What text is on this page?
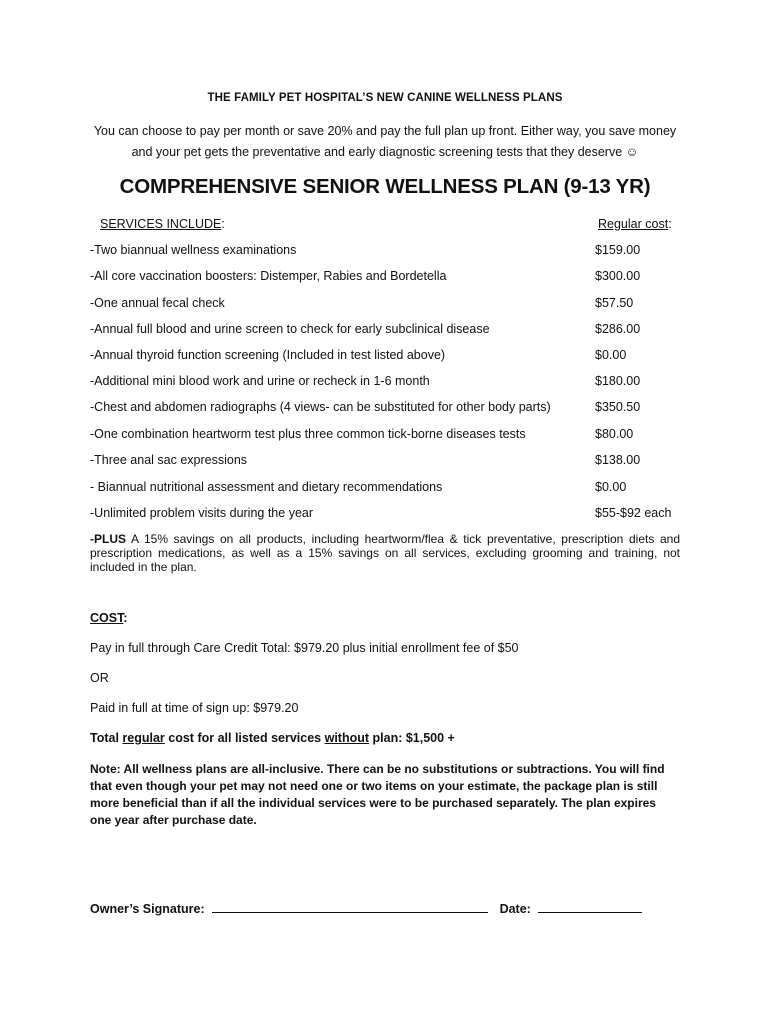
THE FAMILY PET HOSPITAL’S NEW CANINE WELLNESS PLANS
You can choose to pay per month or save 20% and pay the full plan up front. Either way, you save money
and your pet gets the preventative and early diagnostic screening tests that they deserve ☺
COMPREHENSIVE SENIOR WELLNESS PLAN (9-13 YR)
SERVICES INCLUDE:	Regular cost:
-Two biannual wellness examinations	$159.00
-All core vaccination boosters: Distemper, Rabies and Bordetella	$300.00
-One annual fecal check	$57.50
-Annual full blood and urine screen to check for early subclinical disease	$286.00
-Annual thyroid function screening (Included in test listed above)	$0.00
-Additional mini blood work and urine or recheck in 1-6 month	$180.00
-Chest and abdomen radiographs (4 views- can be substituted for other body parts)	$350.50
-One combination heartworm test plus three common tick-borne diseases tests	$80.00
-Three anal sac expressions	$138.00
- Biannual nutritional assessment and dietary recommendations	$0.00
-Unlimited problem visits during the year	$55-$92 each
-PLUS A 15% savings on all products, including heartworm/flea & tick preventative, prescription diets and prescription medications, as well as a 15% savings on all services, excluding grooming and training, not included in the plan.
COST:
Pay in full through Care Credit Total: $979.20 plus initial enrollment fee of $50
OR
Paid in full at time of sign up: $979.20
Total regular cost for all listed services without plan: $1,500 +
Note: All wellness plans are all-inclusive. There can be no substitutions or subtractions. You will find that even though your pet may not need one or two items on your estimate, the package plan is still more beneficial than if all the individual services were to be purchased separately. The plan expires one year after purchase date.
Owner’s Signature:	Date:
